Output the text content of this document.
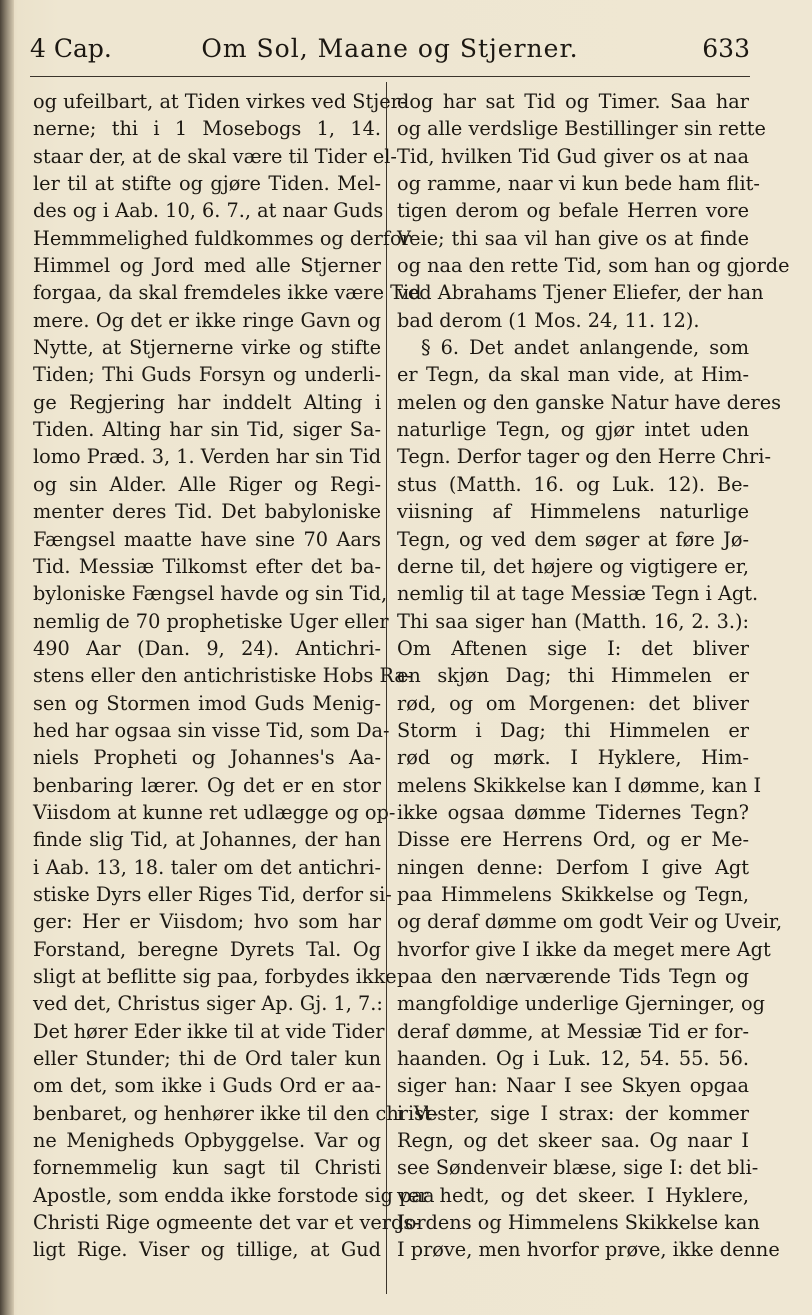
4 Cap.	Om Sol, Maane og Stjerner.	633
og ufeilbart, at Tiden virkes ved Stjer-
nerne; thi i 1 Mosebogs 1, 14.
staar der, at de skal være til Tider el-
ler til at stifte og gjøre Tiden. Mel-
des og i Aab. 10, 6. 7., at naar Guds
Hemmmelighed fuldkommes og derfor
Himmel og Jord med alle Stjerner
forgaa, da skal fremdeles ikke være Tid
mere. Og det er ikke ringe Gavn og
Nytte, at Stjernerne virke og stifte
Tiden; Thi Guds Forsyn og underli-
ge Regjering har inddelt Alting i
Tiden. Alting har sin Tid, siger Sa-
lomo Præd. 3, 1. Verden har sin Tid
og sin Alder. Alle Riger og Regi-
menter deres Tid. Det babyloniske
Fængsel maatte have sine 70 Aars
Tid. Messiæ Tilkomst efter det ba-
byloniske Fængsel havde og sin Tid,
nemlig de 70 prophetiske Uger eller
490 Aar (Dan. 9, 24). Antichri-
stens eller den antichristiske Hobs Ra-
sen og Stormen imod Guds Menig-
hed har ogsaa sin visse Tid, som Da-
niels Propheti og Johannes's Aa-
benbaring lærer. Og det er en stor
Viisdom at kunne ret udlægge og op-
finde slig Tid, at Johannes, der han
i Aab. 13, 18. taler om det antichri-
stiske Dyrs eller Riges Tid, derfor si-
ger: Her er Viisdom; hvo som har
Forstand, beregne Dyrets Tal. Og
sligt at beflitte sig paa, forbydes ikke
ved det, Christus siger Ap. Gj. 1, 7.:
Det hører Eder ikke til at vide Tider
eller Stunder; thi de Ord taler kun
om det, som ikke i Guds Ord er aa-
benbaret, og henhører ikke til den christ-
ne Menigheds Opbyggelse. Var og
fornemmelig kun sagt til Christi
Apostle, som endda ikke forstode sig paa
Christi Rige ogmeente det var et verds-
ligt Rige. Viser og tillige, at Gud
dog har sat Tid og Timer. Saa har
og alle verdslige Bestillinger sin rette
Tid, hvilken Tid Gud giver os at naa
og ramme, naar vi kun bede ham flit-
tigen derom og befale Herren vore
Veie; thi saa vil han give os at finde
og naa den rette Tid, som han og gjorde
ved Abrahams Tjener Eliefer, der han
bad derom (1 Mos. 24, 11. 12).
§ 6. Det andet anlangende, som
er Tegn, da skal man vide, at Him-
melen og den ganske Natur have deres
naturlige Tegn, og gjør intet uden
Tegn. Derfor tager og den Herre Chri-
stus (Matth. 16. og Luk. 12). Be-
viisning af Himmelens naturlige
Tegn, og ved dem søger at føre Jø-
derne til, det højere og vigtigere er,
nemlig til at tage Messiæ Tegn i Agt.
Thi saa siger han (Matth. 16, 2. 3.):
Om Aftenen sige I: det bliver
en skjøn Dag; thi Himmelen er
rød, og om Morgenen: det bliver
Storm i Dag; thi Himmelen er
rød og mørk. I Hyklere, Him-
melens Skikkelse kan I dømme, kan I
ikke ogsaa dømme Tidernes Tegn?
Disse ere Herrens Ord, og er Me-
ningen denne: Derfom I give Agt
paa Himmelens Skikkelse og Tegn,
og deraf dømme om godt Veir og Uveir,
hvorfor give I ikke da meget mere Agt
paa den nærværende Tids Tegn og
mangfoldige underlige Gjerninger, og
deraf dømme, at Messiæ Tid er for-
haanden. Og i Luk. 12, 54. 55. 56.
siger han: Naar I see Skyen opgaa
i Vester, sige I strax: der kommer
Regn, og det skeer saa. Og naar I
see Søndenveir blæse, sige I: det bli-
ver hedt, og det skeer. I Hyklere,
Jordens og Himmelens Skikkelse kan
I prøve, men hvorfor prøve, ikke denne
